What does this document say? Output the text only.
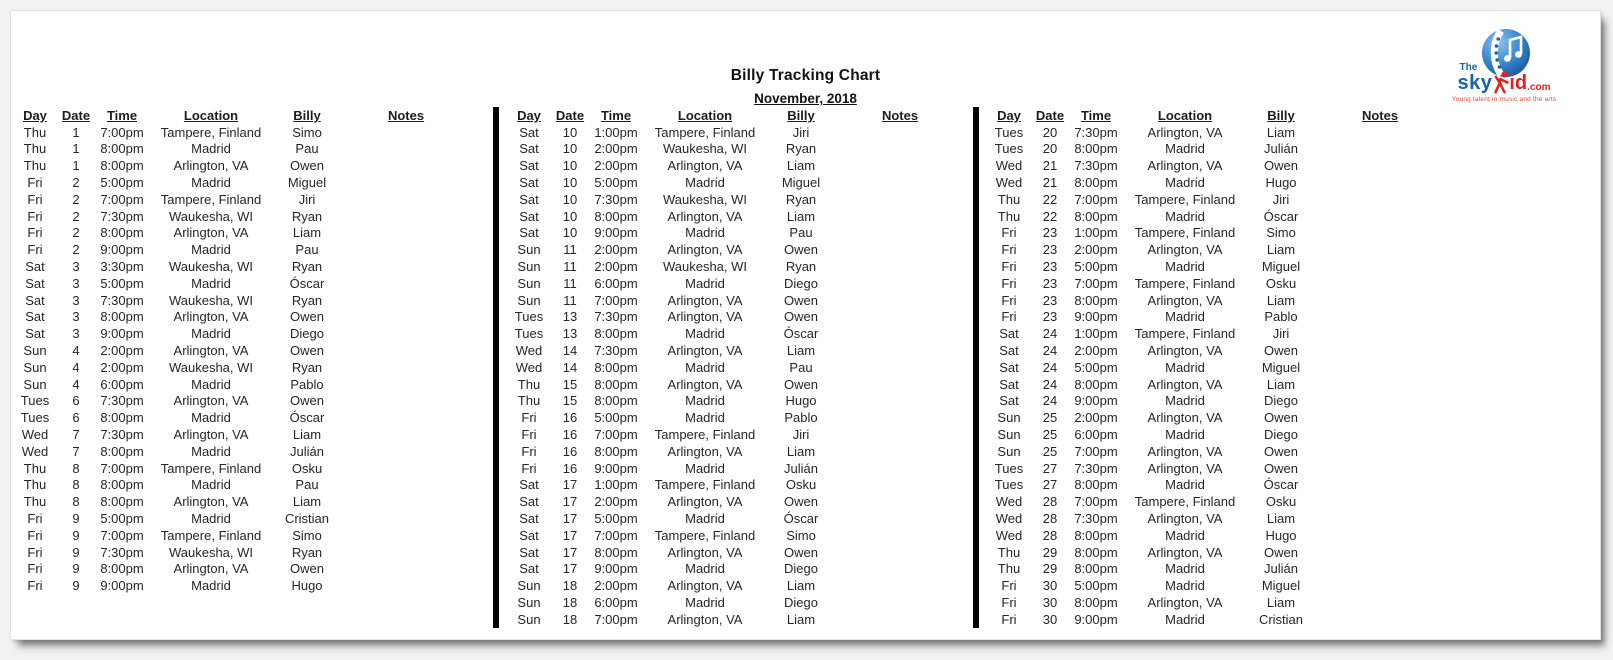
The
sky id.com
Young talent in music and the arts
Billy Tracking Chart
November, 2018
Day	Date	Time	Location	Billy	Notes
Thu	1	7:00pm	Tampere, Finland	Simo	
Thu	1	8:00pm	Madrid	Pau	
Thu	1	8:00pm	Arlington, VA	Owen	
Fri	2	5:00pm	Madrid	Miguel	
Fri	2	7:00pm	Tampere, Finland	Jiri	
Fri	2	7:30pm	Waukesha, WI	Ryan	
Fri	2	8:00pm	Arlington, VA	Liam	
Fri	2	9:00pm	Madrid	Pau	
Sat	3	3:30pm	Waukesha, WI	Ryan	
Sat	3	5:00pm	Madrid	Óscar	
Sat	3	7:30pm	Waukesha, WI	Ryan	
Sat	3	8:00pm	Arlington, VA	Owen	
Sat	3	9:00pm	Madrid	Diego	
Sun	4	2:00pm	Arlington, VA	Owen	
Sun	4	2:00pm	Waukesha, WI	Ryan	
Sun	4	6:00pm	Madrid	Pablo	
Tues	6	7:30pm	Arlington, VA	Owen	
Tues	6	8:00pm	Madrid	Óscar	
Wed	7	7:30pm	Arlington, VA	Liam	
Wed	7	8:00pm	Madrid	Julián	
Thu	8	7:00pm	Tampere, Finland	Osku	
Thu	8	8:00pm	Madrid	Pau	
Thu	8	8:00pm	Arlington, VA	Liam	
Fri	9	5:00pm	Madrid	Cristian	
Fri	9	7:00pm	Tampere, Finland	Simo	
Fri	9	7:30pm	Waukesha, WI	Ryan	
Fri	9	8:00pm	Arlington, VA	Owen	
Fri	9	9:00pm	Madrid	Hugo	
Day	Date	Time	Location	Billy	Notes
Sat	10	1:00pm	Tampere, Finland	Jiri	
Sat	10	2:00pm	Waukesha, WI	Ryan	
Sat	10	2:00pm	Arlington, VA	Liam	
Sat	10	5:00pm	Madrid	Miguel	
Sat	10	7:30pm	Waukesha, WI	Ryan	
Sat	10	8:00pm	Arlington, VA	Liam	
Sat	10	9:00pm	Madrid	Pau	
Sun	11	2:00pm	Arlington, VA	Owen	
Sun	11	2:00pm	Waukesha, WI	Ryan	
Sun	11	6:00pm	Madrid	Diego	
Sun	11	7:00pm	Arlington, VA	Owen	
Tues	13	7:30pm	Arlington, VA	Owen	
Tues	13	8:00pm	Madrid	Óscar	
Wed	14	7:30pm	Arlington, VA	Liam	
Wed	14	8:00pm	Madrid	Pau	
Thu	15	8:00pm	Arlington, VA	Owen	
Thu	15	8:00pm	Madrid	Hugo	
Fri	16	5:00pm	Madrid	Pablo	
Fri	16	7:00pm	Tampere, Finland	Jiri	
Fri	16	8:00pm	Arlington, VA	Liam	
Fri	16	9:00pm	Madrid	Julián	
Sat	17	1:00pm	Tampere, Finland	Osku	
Sat	17	2:00pm	Arlington, VA	Owen	
Sat	17	5:00pm	Madrid	Óscar	
Sat	17	7:00pm	Tampere, Finland	Simo	
Sat	17	8:00pm	Arlington, VA	Owen	
Sat	17	9:00pm	Madrid	Diego	
Sun	18	2:00pm	Arlington, VA	Liam	
Sun	18	6:00pm	Madrid	Diego	
Sun	18	7:00pm	Arlington, VA	Liam	
Day	Date	Time	Location	Billy	Notes
Tues	20	7:30pm	Arlington, VA	Liam	
Tues	20	8:00pm	Madrid	Julián	
Wed	21	7:30pm	Arlington, VA	Owen	
Wed	21	8:00pm	Madrid	Hugo	
Thu	22	7:00pm	Tampere, Finland	Jiri	
Thu	22	8:00pm	Madrid	Óscar	
Fri	23	1:00pm	Tampere, Finland	Simo	
Fri	23	2:00pm	Arlington, VA	Liam	
Fri	23	5:00pm	Madrid	Miguel	
Fri	23	7:00pm	Tampere, Finland	Osku	
Fri	23	8:00pm	Arlington, VA	Liam	
Fri	23	9:00pm	Madrid	Pablo	
Sat	24	1:00pm	Tampere, Finland	Jiri	
Sat	24	2:00pm	Arlington, VA	Owen	
Sat	24	5:00pm	Madrid	Miguel	
Sat	24	8:00pm	Arlington, VA	Liam	
Sat	24	9:00pm	Madrid	Diego	
Sun	25	2:00pm	Arlington, VA	Owen	
Sun	25	6:00pm	Madrid	Diego	
Sun	25	7:00pm	Arlington, VA	Owen	
Tues	27	7:30pm	Arlington, VA	Owen	
Tues	27	8:00pm	Madrid	Óscar	
Wed	28	7:00pm	Tampere, Finland	Osku	
Wed	28	7:30pm	Arlington, VA	Liam	
Wed	28	8:00pm	Madrid	Hugo	
Thu	29	8:00pm	Arlington, VA	Owen	
Thu	29	8:00pm	Madrid	Julián	
Fri	30	5:00pm	Madrid	Miguel	
Fri	30	8:00pm	Arlington, VA	Liam	
Fri	30	9:00pm	Madrid	Cristian	
